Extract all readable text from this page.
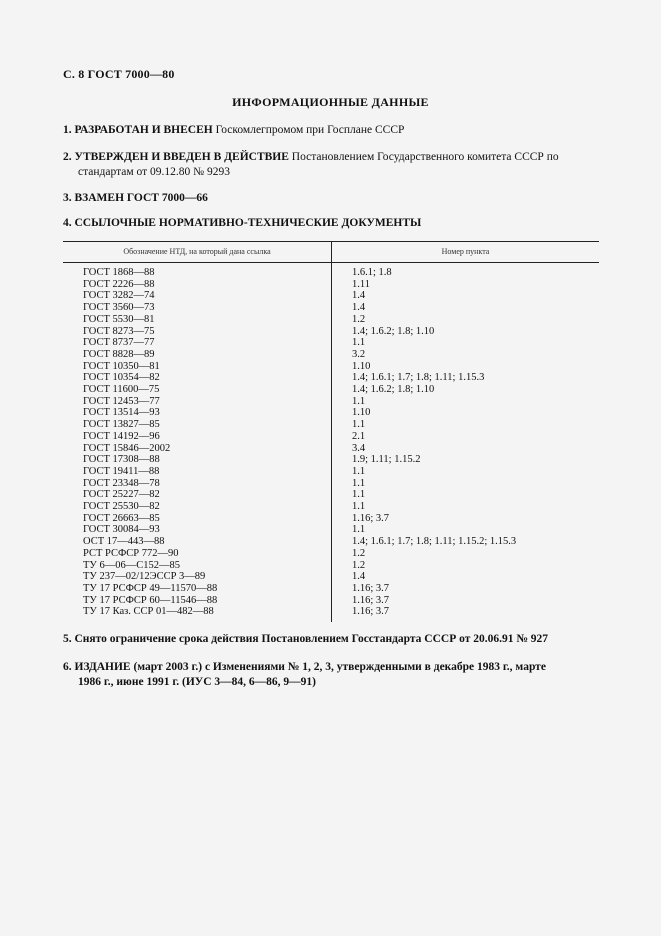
С. 8 ГОСТ 7000—80
ИНФОРМАЦИОННЫЕ ДАННЫЕ
1. РАЗРАБОТАН И ВНЕСЕН Госкомлегпромом при Госплане СССР
2. УТВЕРЖДЕН И ВВЕДЕН В ДЕЙСТВИЕ Постановлением Государственного комитета СССР по
стандартам от 09.12.80 № 9293
3. ВЗАМЕН ГОСТ 7000—66
4. ССЫЛОЧНЫЕ НОРМАТИВНО-ТЕХНИЧЕСКИЕ ДОКУМЕНТЫ
Обозначение НТД, на который дана ссылка	Номер пункта
ГОСТ 1868—88	1.6.1; 1.8
ГОСТ 2226—88	1.11
ГОСТ 3282—74	1.4
ГОСТ 3560—73	1.4
ГОСТ 5530—81	1.2
ГОСТ 8273—75	1.4; 1.6.2; 1.8; 1.10
ГОСТ 8737—77	1.1
ГОСТ 8828—89	3.2
ГОСТ 10350—81	1.10
ГОСТ 10354—82	1.4; 1.6.1; 1.7; 1.8; 1.11; 1.15.3
ГОСТ 11600—75	1.4; 1.6.2; 1.8; 1.10
ГОСТ 12453—77	1.1
ГОСТ 13514—93	1.10
ГОСТ 13827—85	1.1
ГОСТ 14192—96	2.1
ГОСТ 15846—2002	3.4
ГОСТ 17308—88	1.9; 1.11; 1.15.2
ГОСТ 19411—88	1.1
ГОСТ 23348—78	1.1
ГОСТ 25227—82	1.1
ГОСТ 25530—82	1.1
ГОСТ 26663—85	1.16; 3.7
ГОСТ 30084—93	1.1
ОСТ 17—443—88	1.4; 1.6.1; 1.7; 1.8; 1.11; 1.15.2; 1.15.3
РСТ РСФСР 772—90	1.2
ТУ 6—06—С152—85	1.2
ТУ 237—02/12ЭССР 3—89	1.4
ТУ 17 РСФСР 49—11570—88	1.16; 3.7
ТУ 17 РСФСР 60—11546—88	1.16; 3.7
ТУ 17 Каз. ССР 01—482—88	1.16; 3.7
5. Снято ограничение срока действия Постановлением Госстандарта СССР от 20.06.91 № 927
6. ИЗДАНИЕ (март 2003 г.) с Изменениями № 1, 2, 3, утвержденными в декабре 1983 г., марте
1986 г., июне 1991 г. (ИУС 3—84, 6—86, 9—91)
